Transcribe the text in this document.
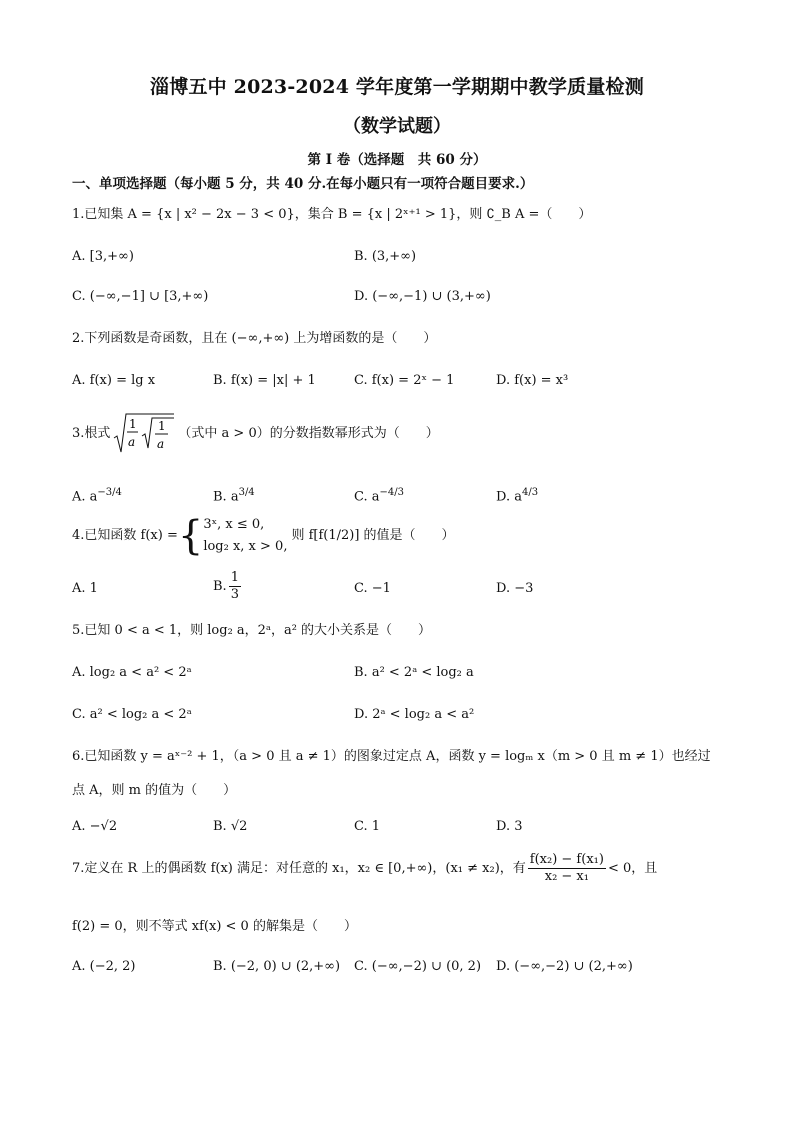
淄博五中 2023-2024 学年度第一学期期中教学质量检测
（数学试题）
第 I 卷（选择题　共 60 分）
一、单项选择题（每小题 5 分，共 40 分.在每小题只有一项符合题目要求.）
1.已知集 A = {x | x² − 2x − 3 < 0}，集合 B = {x | 2ˣ⁺¹ > 1}，则 ∁_B A =（　　）
A. [3,+∞)	B. (3,+∞)
C. (−∞,−1] ∪ [3,+∞)	D. (−∞,−1) ∪ (3,+∞)
2.下列函数是奇函数，且在 (−∞,+∞) 上为增函数的是（　　）
A. f(x) = lg x	B. f(x) = |x| + 1	C. f(x) = 2ˣ − 1	D. f(x) = x³
3.根式
1
a
1
a
（式中 a > 0）的分数指数幂形式为（　　）
A. $a^{-3/4}$	B. $a^{3/4}$	C. $a^{-4/3}$	D. $a^{4/3}$
4.已知函数 f(x) = { 3ˣ, x ≤ 0,
log₂ x, x > 0,
则 f[f(1/2)] 的值是（　　）
A. 1	B. $\frac{1}{3}$	C. −1	D. −3
5.已知 0 < a < 1，则 log₂ a，2ᵃ，a² 的大小关系是（　　）
A. log₂ a < a² < 2ᵃ	B. a² < 2ᵃ < log₂ a
C. a² < log₂ a < 2ᵃ	D. 2ᵃ < log₂ a < a²
6.已知函数 y = aˣ⁻² + 1，（a > 0 且 a ≠ 1）的图象过定点 A，函数 y = logₘ x（m > 0 且 m ≠ 1）也经过
点 A，则 m 的值为（　　）
A. −√2	B. √2	C. 1	D. 3
7.定义在 R 上的偶函数 f(x) 满足：对任意的 x₁，x₂ ∈ [0,+∞)，(x₁ ≠ x₂)，有 $\frac{\text{f(x₂) − f(x₁)}}{\text{x₂ − x₁}} < 0$，且
f(2) = 0，则不等式 xf(x) < 0 的解集是（　　）
A. (−2, 2)	B. (−2, 0) ∪ (2,+∞) C. (−∞,−2) ∪ (0, 2) D. (−∞,−2) ∪ (2,+∞)
